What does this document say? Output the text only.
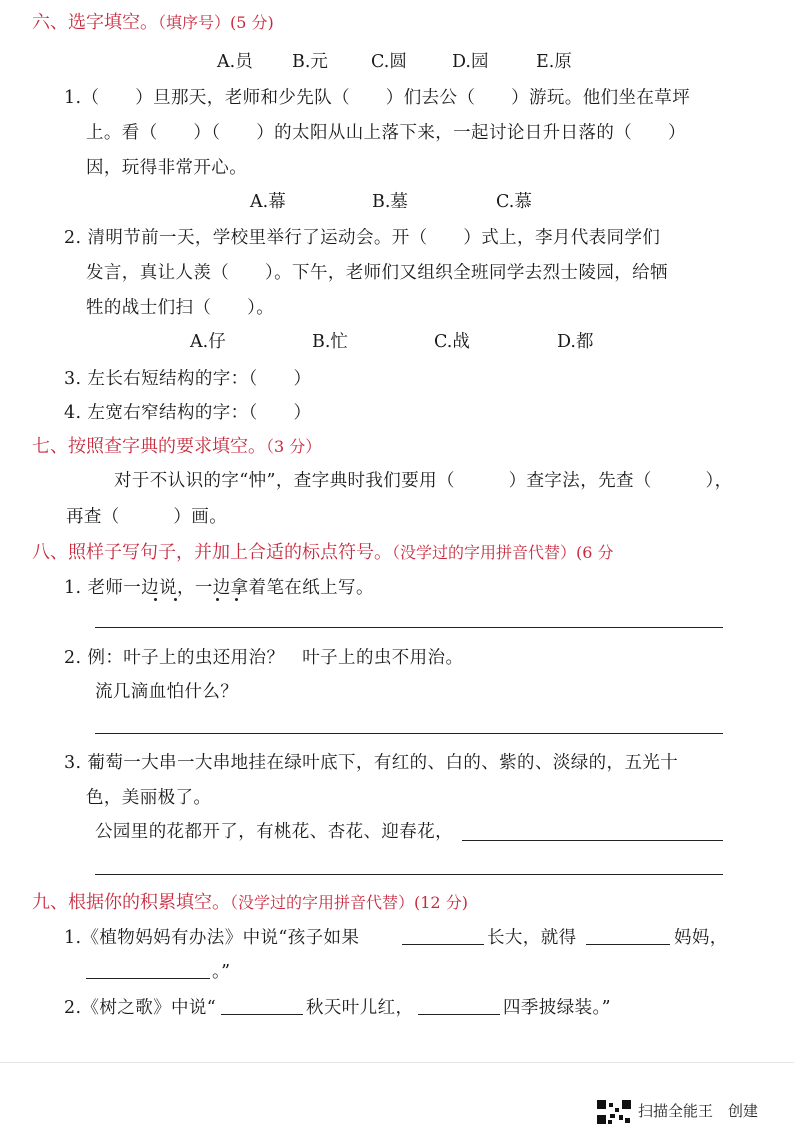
六、选字填空。（填序号）(5 分)
A.员 B.元 C.圆	D.园	E.原
1.（　　）旦那天，老师和少先队（　　）们去公（　　）游玩。他们坐在草坪
上。看（　　）（　　）的太阳从山上落下来，一起讨论日升日落的（　　）
因，玩得非常开心。
A.幕	B.墓	C.慕
2. 清明节前一天，学校里举行了运动会。开（　　）式上，李月代表同学们
发言，真让人羡（　　）。下午，老师们又组织全班同学去烈士陵园，给牺
牲的战士们扫（　　）。
A.仔	B.忙	C.战	D.都
3. 左长右短结构的字：（　　）
4. 左宽右窄结构的字：（　　）
七、按照查字典的要求填空。（3 分）
对于不认识的字“忡”，查字典时我们要用（　　　）查字法，先查（　　　），
再查（　　　）画。
八、照样子写句子，并加上合适的标点符号。（没学过的字用拼音代替）(6 分
1. 老师一边说，一边拿着笔在纸上写。
2. 例：叶子上的虫还用治？　叶子上的虫不用治。
流几滴血怕什么？
3. 葡萄一大串一大串地挂在绿叶底下，有红的、白的、紫的、淡绿的，五光十
色，美丽极了。
公园里的花都开了，有桃花、杏花、迎春花，
九、根据你的积累填空。（没学过的字用拼音代替）(12 分)
1.《植物妈妈有办法》中说“孩子如果	长大，就得	妈妈，
。”
2.《树之歌》中说“	秋天叶儿红，	四季披绿装。”
扫描全能王　创建
